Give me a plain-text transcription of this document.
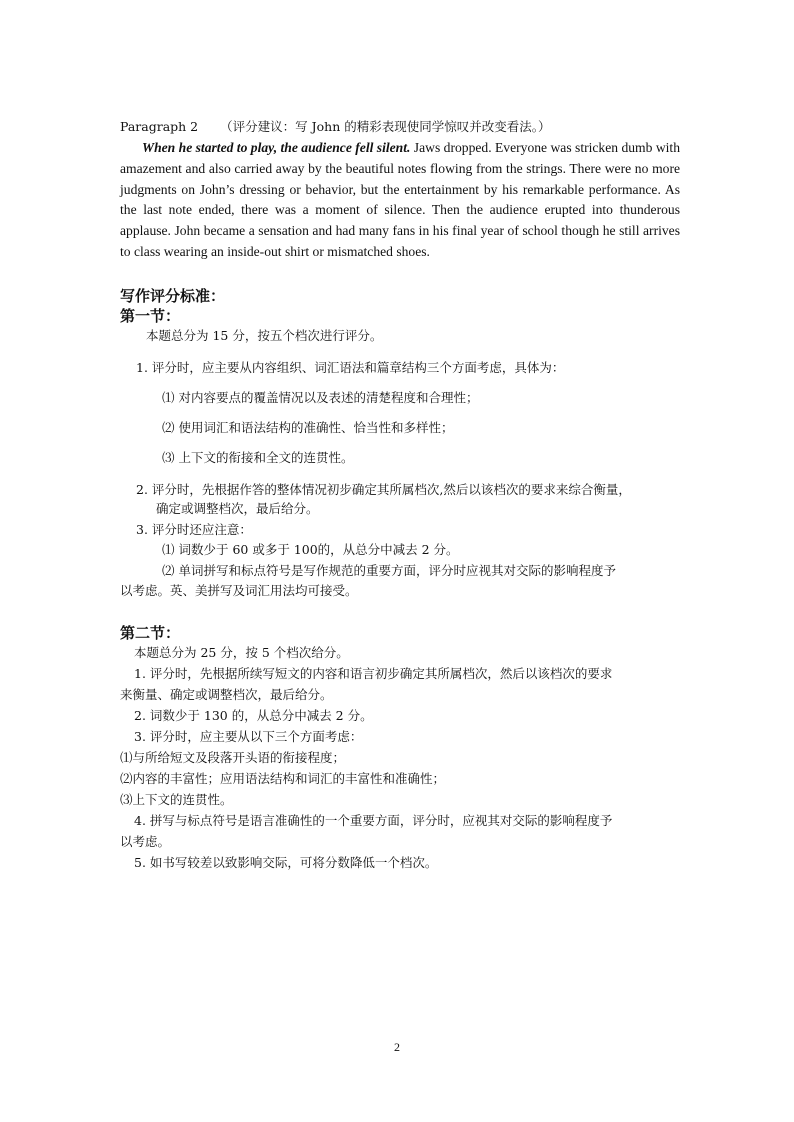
Paragraph 2 （评分建议：写 John 的精彩表现使同学惊叹并改变看法。）

When he started to play, the audience fell silent. Jaws dropped. Everyone was stricken dumb with amazement and also carried away by the beautiful notes flowing from the strings. There were no more judgments on John’s dressing or behavior, but the entertainment by his remarkable performance. As the last note ended, there was a moment of silence. Then the audience erupted into thunderous applause. John became a sensation and had many fans in his final year of school though he still arrives to class wearing an inside-out shirt or mismatched shoes.

写作评分标准：
第一节：
本题总分为 15 分，按五个档次进行评分。
1. 评分时，应主要从内容组织、词汇语法和篇章结构三个方面考虑，具体为：
⑴ 对内容要点的覆盖情况以及表述的清楚程度和合理性；
⑵ 使用词汇和语法结构的准确性、恰当性和多样性；
⑶ 上下文的衔接和全文的连贯性。
2. 评分时，先根据作答的整体情况初步确定其所属档次,然后以该档次的要求来综合衡量，
确定或调整档次，最后给分。
3. 评分时还应注意：
⑴ 词数少于 60 或多于 100的，从总分中减去 2 分。
⑵ 单词拼写和标点符号是写作规范的重要方面，评分时应视其对交际的影响程度予
以考虑。英、美拼写及词汇用法均可接受。
第二节：
本题总分为 25 分，按 5 个档次给分。
1. 评分时，先根据所续写短文的内容和语言初步确定其所属档次，然后以该档次的要求
来衡量、确定或调整档次，最后给分。
2. 词数少于 130 的，从总分中减去 2 分。
3. 评分时，应主要从以下三个方面考虑：
⑴与所给短文及段落开头语的衔接程度；
⑵内容的丰富性；应用语法结构和词汇的丰富性和准确性；
⑶上下文的连贯性。
4. 拼写与标点符号是语言准确性的一个重要方面，评分时，应视其对交际的影响程度予
以考虑。
5. 如书写较差以致影响交际，可将分数降低一个档次。
2
